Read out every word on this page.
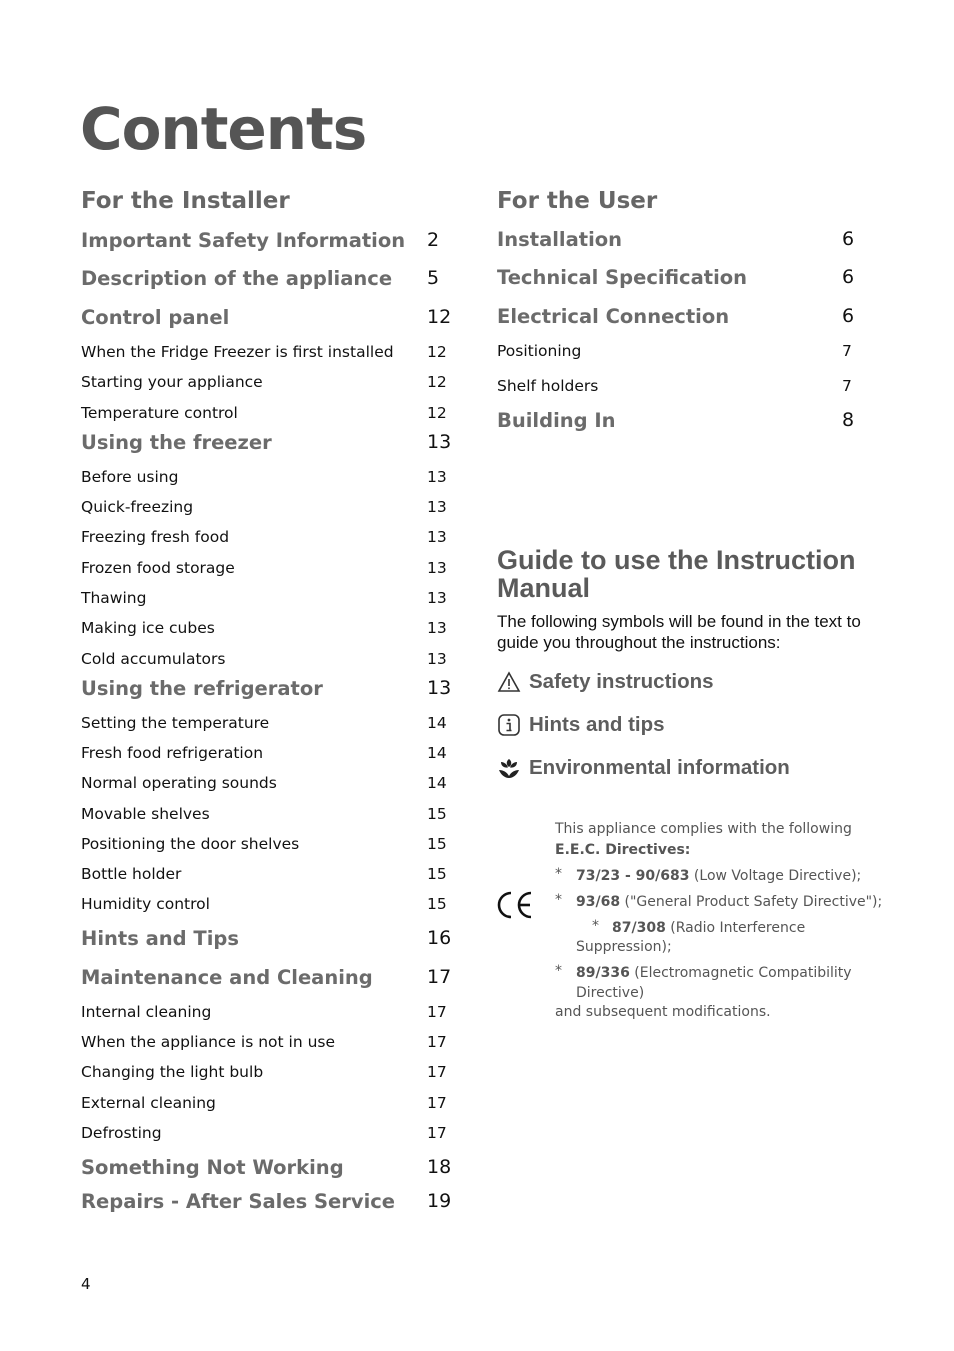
Contents
For the Installer
Important Safety Information 2
Description of the appliance 5
Control panel	12
When the Fridge Freezer is first installed 12
Starting your appliance	12
Temperature control	12
Using the freezer	13
Before using	13
Quick-freezing	13
Freezing fresh food	13
Frozen food storage	13
Thawing	13
Making ice cubes	13
Cold accumulators	13
Using the refrigerator	13
Setting the temperature	14
Fresh food refrigeration	14
Normal operating sounds	14
Movable shelves	15
Positioning the door shelves	15
Bottle holder	15
Humidity control	15
Hints and Tips	16
Maintenance and Cleaning	17
Internal cleaning	17
When the appliance is not in use	17
Changing the light bulb	17
External cleaning	17
Defrosting	17
Something Not Working	18
Repairs - After Sales Service 19
For the User
Installation	6
Technical Specification	6
Electrical Connection	6
Positioning	7
Shelf holders	7
Building In	8
Guide to use the Instruction Manual
The following symbols will be found in the text to guide you throughout the instructions:
Safety instructions
Hints and tips
Environmental information
This appliance complies with the following
E.E.C. Directives:
* 73/23 - 90/683 (Low Voltage Directive);
* 93/68 ("General Product Safety Directive");
* 87/308 (Radio Interference
Suppression);
* 89/336 (Electromagnetic Compatibility
Directive)
and subsequent modifications.
4
